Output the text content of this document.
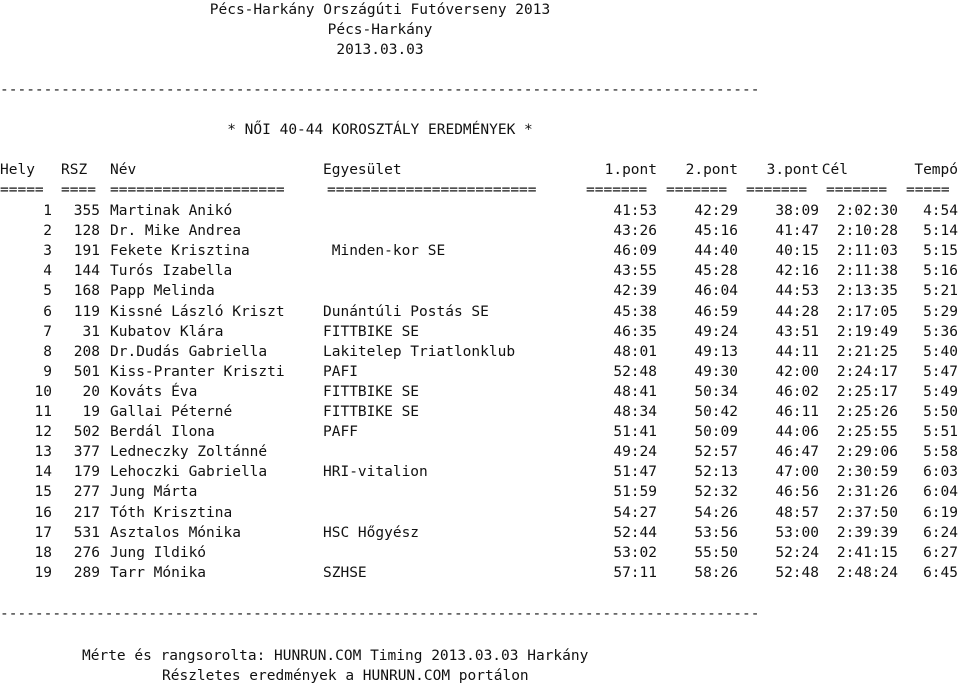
Pécs-Harkány Országúti Futóverseny 2013
Pécs-Harkány
2013.03.03
---------------------------------------------------------------------------------------
* NŐI 40-44 KOROSZTÁLY EREDMÉNYEK *
Hely RSZ Név	Egyesület	1.pont	2.pont	3.pont Cél	Tempó
===== ==== ====================	========================	======= ======= ======= ======= =====
1	355 Martinak Anikó	41:53	42:29	38:09	2:02:30	4:54
2	128 Dr. Mike Andrea	43:26	45:16	41:47	2:10:28	5:14
3	191 Fekete Krisztina	Minden-kor SE	46:09	44:40	40:15	2:11:03	5:15
4	144 Turós Izabella	43:55	45:28	42:16	2:11:38	5:16
5	168 Papp Melinda	42:39	46:04	44:53	2:13:35	5:21
6	119 Kissné László Kriszt	Dunántúli Postás SE	45:38	46:59	44:28	2:17:05	5:29
7	31 Kubatov Klára	FITTBIKE SE	46:35	49:24	43:51	2:19:49	5:36
8	208 Dr.Dudás Gabriella	Lakitelep Triatlonklub	48:01	49:13	44:11	2:21:25	5:40
9	501 Kiss-Pranter Kriszti	PAFI	52:48	49:30	42:00	2:24:17	5:47
10	20 Kováts Éva	FITTBIKE SE	48:41	50:34	46:02	2:25:17	5:49
11	19 Gallai Péterné	FITTBIKE SE	48:34	50:42	46:11	2:25:26	5:50
12	502 Berdál Ilona	PAFF	51:41	50:09	44:06	2:25:55	5:51
13	377 Ledneczky Zoltánné	49:24	52:57	46:47	2:29:06	5:58
14	179 Lehoczki Gabriella	HRI-vitalion	51:47	52:13	47:00	2:30:59	6:03
15	277 Jung Márta	51:59	52:32	46:56	2:31:26	6:04
16	217 Tóth Krisztina	54:27	54:26	48:57	2:37:50	6:19
17	531 Asztalos Mónika	HSC Hőgyész	52:44	53:56	53:00	2:39:39	6:24
18	276 Jung Ildikó	53:02	55:50	52:24	2:41:15	6:27
19	289 Tarr Mónika	SZHSE	57:11	58:26	52:48	2:48:24	6:45
---------------------------------------------------------------------------------------
Mérte és rangsorolta: HUNRUN.COM Timing 2013.03.03 Harkány
Részletes eredmények a HUNRUN.COM portálon
